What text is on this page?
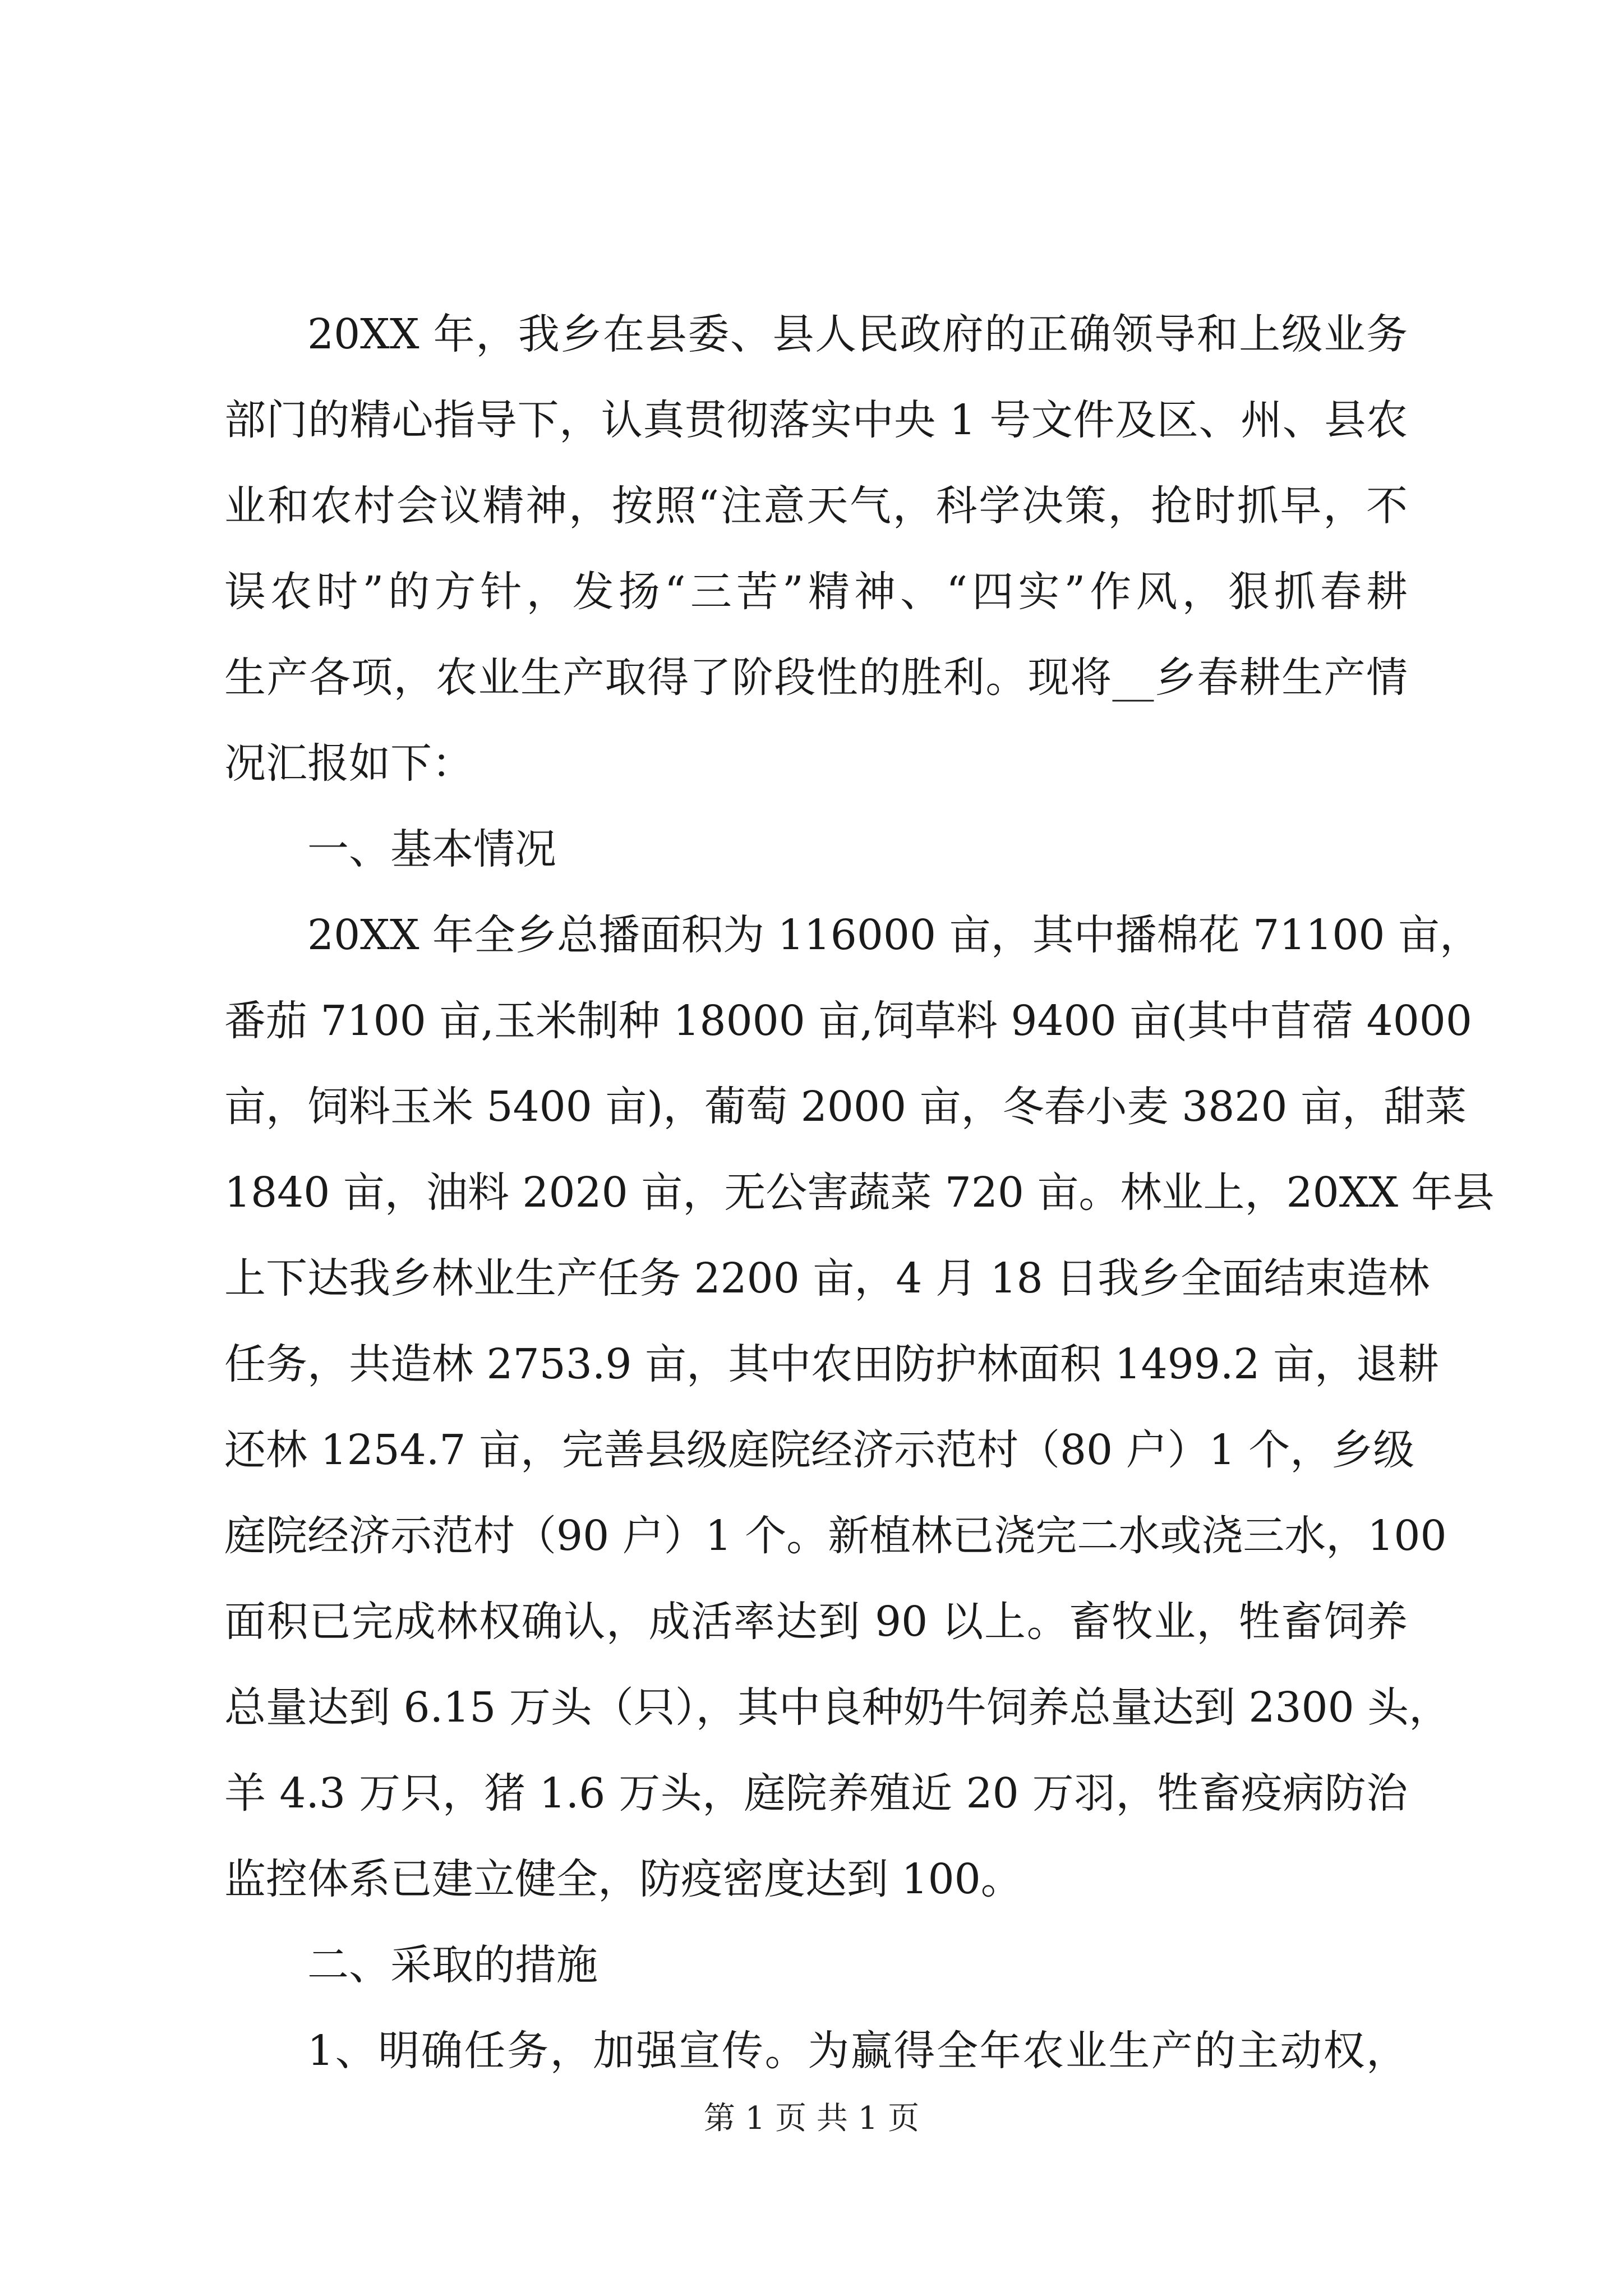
20XX 年，我乡在县委、县人民政府的正确领导和上级业务
部门的精心指导下，认真贯彻落实中央 1 号文件及区、州、县农
业和农村会议精神，按照“注意天气，科学决策，抢时抓早，不
误农时”的方针，发扬“三苦”精神、“四实”作风，狠抓春耕
生产各项，农业生产取得了阶段性的胜利。现将__乡春耕生产情
况汇报如下：
一、基本情况
20XX 年全乡总播面积为 116000 亩，其中播棉花 71100 亩，
番茄 7100 亩,玉米制种 18000 亩,饲草料 9400 亩(其中苜蓿 4000
亩，饲料玉米 5400 亩)，葡萄 2000 亩，冬春小麦 3820 亩，甜菜
1840 亩，油料 2020 亩，无公害蔬菜 720 亩。林业上，20XX 年县
上下达我乡林业生产任务 2200 亩，4 月 18 日我乡全面结束造林
任务，共造林 2753.9 亩，其中农田防护林面积 1499.2 亩，退耕
还林 1254.7 亩，完善县级庭院经济示范村（80 户）1 个，乡级
庭院经济示范村（90 户）1 个。新植林已浇完二水或浇三水，100
面积已完成林权确认，成活率达到 90 以上。畜牧业，牲畜饲养
总量达到 6.15 万头（只），其中良种奶牛饲养总量达到 2300 头，
羊 4.3 万只，猪 1.6 万头，庭院养殖近 20 万羽，牲畜疫病防治
监控体系已建立健全，防疫密度达到 100。
二、采取的措施
1、明确任务，加强宣传。为赢得全年农业生产的主动权，
第 1 页 共 1 页
